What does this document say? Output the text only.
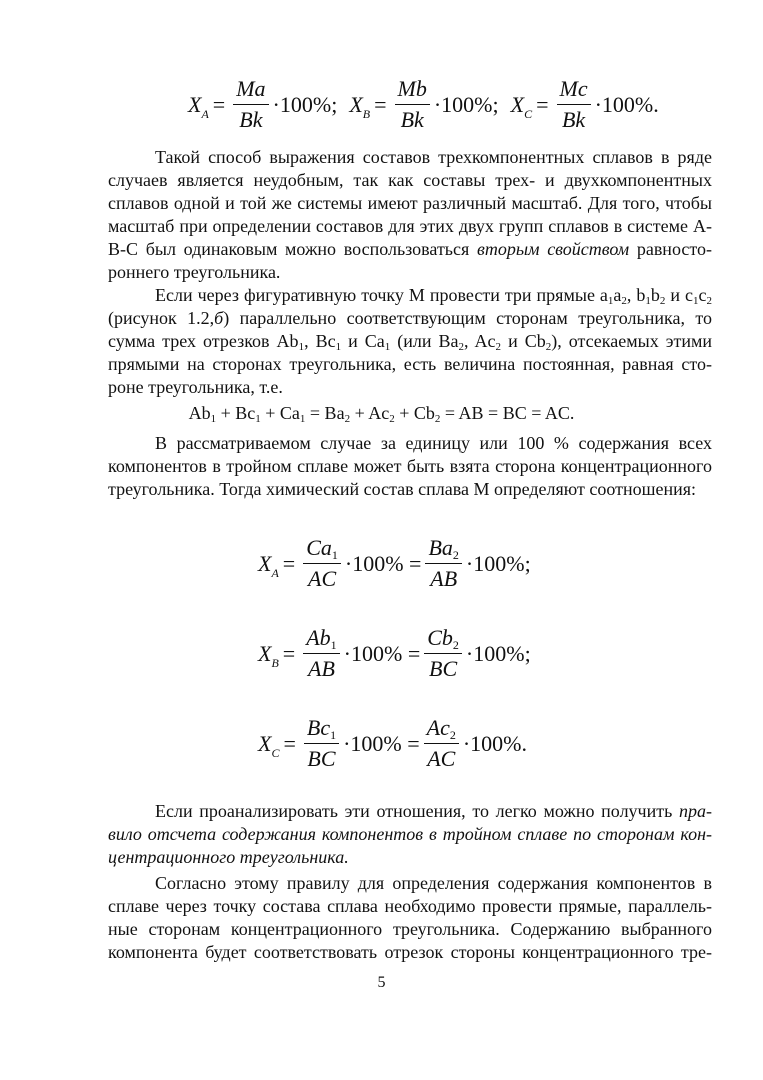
$X_A = \frac{Ma}{Bk} \cdot 100\%$; $X_B = \frac{Mb}{Bk} \cdot 100\%$; $X_C = \frac{Mc}{Bk} \cdot 100\%$.
Такой способ выражения составов трехкомпонентных сплавов в ряде
случаев является неудобным, так как составы трех- и двухкомпонентных
сплавов одной и той же системы имеют различный масштаб. Для того, чтобы
масштаб при определении составов для этих двух групп сплавов в системе А-
В-С был одинаковым можно воспользоваться вторым свойством равносто-
роннего треугольника.
Если через фигуративную точку М провести три прямые $a_1a_2$, $b_1b_2$ и $c_1c_2$
(рисунок 1.2,б) параллельно соответствующим сторонам треугольника, то
сумма трех отрезков $Ab_1$, $Bc_1$ и $Ca_1$ (или $Ba_2$, $Ac_2$ и $Cb_2$), отсекаемых этими
прямыми на сторонах треугольника, есть величина постоянная, равная сто-
роне треугольника, т.е.
$Ab_1 + Bc_1 + Ca_1 = Ba_2 + Ac_2 + Cb_2$ = AB = BC = AC.
В рассматриваемом случае за единицу или 100 % содержания всех
компонентов в тройном сплаве может быть взята сторона концентрационного
треугольника. Тогда химический состав сплава М определяют соотношения:
$X_A = \frac{Ca_1}{AC} \cdot 100\% = \frac{Ba_2}{AB} \cdot 100\%$;
$X_B = \frac{Ab_1}{AB} \cdot 100\% = \frac{Cb_2}{BC} \cdot 100\%$;
$X_C = \frac{Bc_1}{BC} \cdot 100\% = \frac{Ac_2}{AC} \cdot 100\%$.
Если проанализировать эти отношения, то легко можно получить пра-
вило отсчета содержания компонентов в тройном сплаве по сторонам кон-
центрационного треугольника.
Согласно этому правилу для определения содержания компонентов в
сплаве через точку состава сплава необходимо провести прямые, параллель-
ные сторонам концентрационного треугольника. Содержанию выбранного
компонента будет соответствовать отрезок стороны концентрационного тре-
5
